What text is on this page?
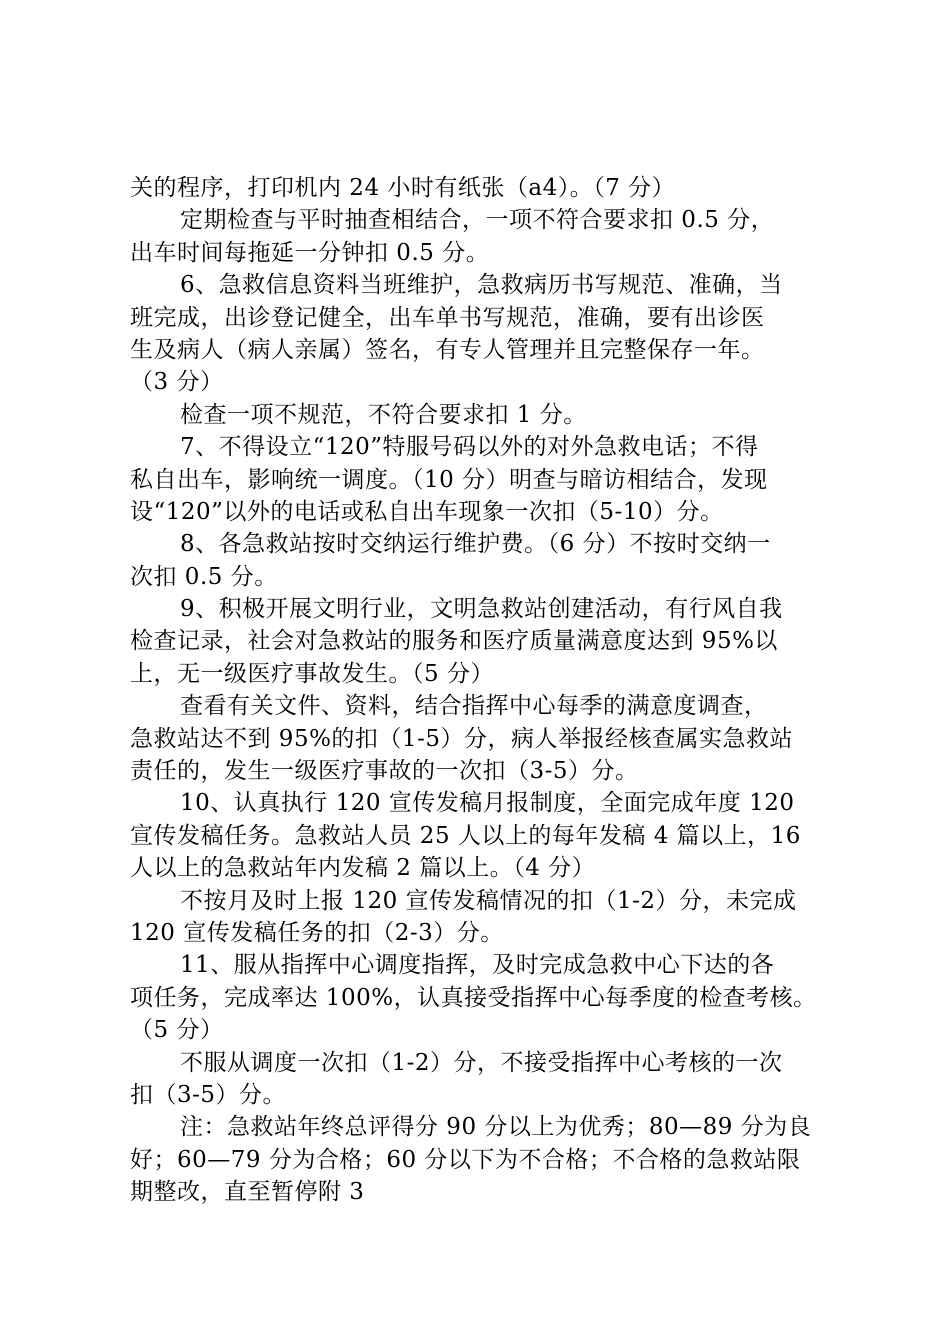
关的程序，打印机内 24 小时有纸张（a4）。（7 分）
定期检查与平时抽查相结合，一项不符合要求扣 0.5 分，
出车时间每拖延一分钟扣 0.5 分。
6、急救信息资料当班维护，急救病历书写规范、准确，当
班完成，出诊登记健全，出车单书写规范，准确，要有出诊医
生及病人（病人亲属）签名，有专人管理并且完整保存一年。
（3 分）
检查一项不规范，不符合要求扣 1 分。
7、不得设立“120”特服号码以外的对外急救电话；不得
私自出车，影响统一调度。（10 分）明查与暗访相结合，发现
设“120”以外的电话或私自出车现象一次扣（5-10）分。
8、各急救站按时交纳运行维护费。（6 分）不按时交纳一
次扣 0.5 分。
9、积极开展文明行业，文明急救站创建活动，有行风自我
检查记录，社会对急救站的服务和医疗质量满意度达到 95%以
上，无一级医疗事故发生。（5 分）
查看有关文件、资料，结合指挥中心每季的满意度调查，
急救站达不到 95%的扣（1-5）分，病人举报经核查属实急救站
责任的，发生一级医疗事故的一次扣（3-5）分。
10、认真执行 120 宣传发稿月报制度，全面完成年度 120
宣传发稿任务。急救站人员 25 人以上的每年发稿 4 篇以上，16
人以上的急救站年内发稿 2 篇以上。（4 分）
不按月及时上报 120 宣传发稿情况的扣（1-2）分，未完成
120 宣传发稿任务的扣（2-3）分。
11、服从指挥中心调度指挥，及时完成急救中心下达的各
项任务，完成率达 100%，认真接受指挥中心每季度的检查考核。
（5 分）
不服从调度一次扣（1-2）分，不接受指挥中心考核的一次
扣（3-5）分。
注：急救站年终总评得分 90 分以上为优秀；80—89 分为良
好；60—79 分为合格；60 分以下为不合格；不合格的急救站限
期整改，直至暂停附 3
